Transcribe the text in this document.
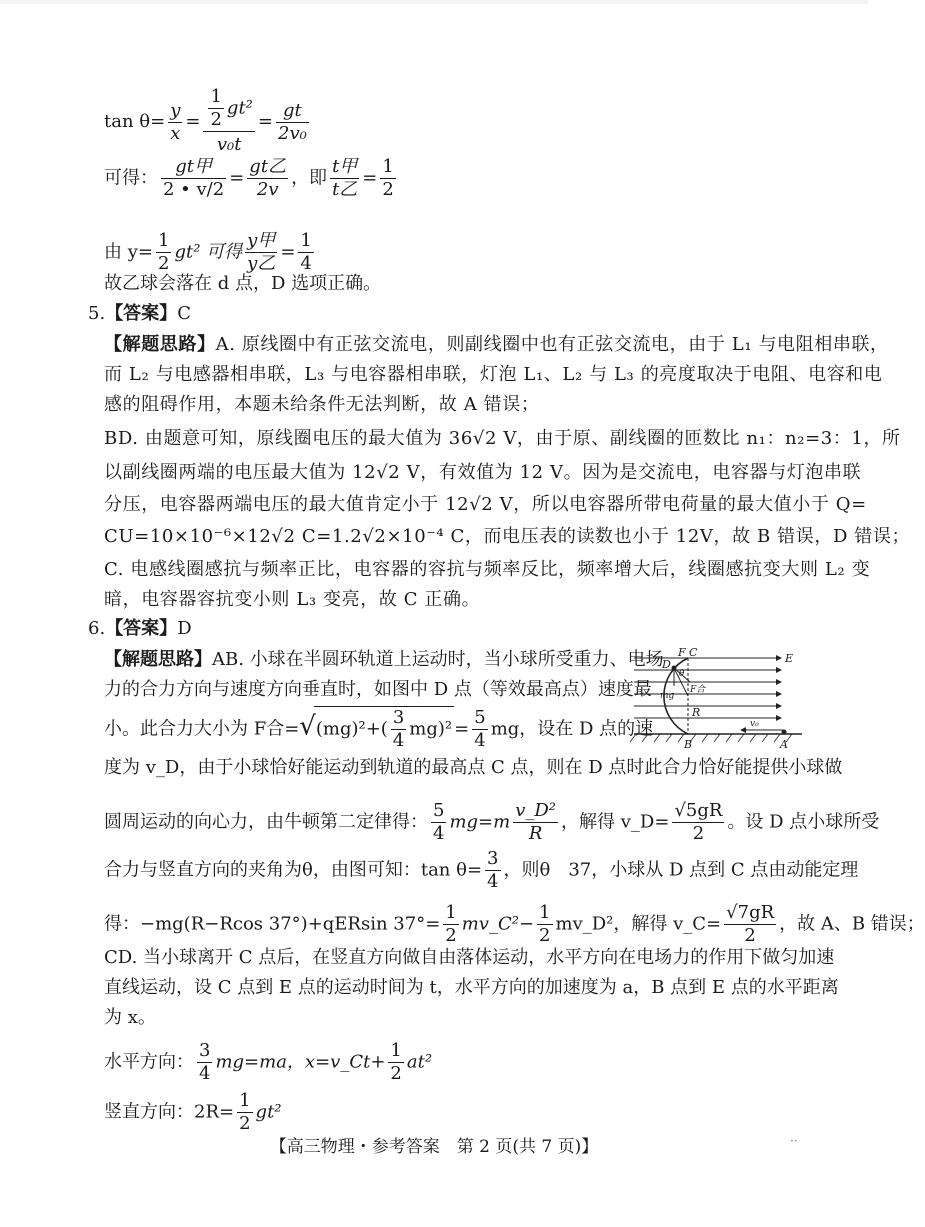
$\tan \theta= \frac{y}{x} = \frac{\frac{1}{2} gt^2}{\text{v₀t}} = \frac{gt}{\text{2v₀}}$
可得： $\frac{\text{gt甲}}{2 • v/2} = \frac{\text{gt乙}}{2v}$ ，即 $\frac{\text{t甲}}{\text{t乙}} = \frac{1}{2}$
由 $y= \frac{1}{2} gt^2$ 可得 $\frac{\text{y甲}}{\text{y乙}} = \frac{1}{4}$
故乙球会落在 d 点，D 选项正确。
5.【答案】C
【解题思路】A. 原线圈中有正弦交流电，则副线圈中也有正弦交流电，由于 L₁ 与电阻相串联，
而 L₂ 与电感器相串联，L₃ 与电容器相串联，灯泡 L₁、L₂ 与 L₃ 的亮度取决于电阻、电容和电
感的阻碍作用，本题未给条件无法判断，故 A 错误；
BD. 由题意可知，原线圈电压的最大值为 36√2 V，由于原、副线圈的匝数比 n₁：n₂=3：1，所
以副线圈两端的电压最大值为 12√2 V，有效值为 12 V。因为是交流电，电容器与灯泡串联
分压，电容器两端电压的最大值肯定小于 12√2 V，所以电容器所带电荷量的最大值小于 Q=
CU=10×10⁻⁶×12√2 C=1.2√2×10⁻⁴ C，而电压表的读数也小于 12V，故 B 错误，D 错误；
C. 电感线圈感抗与频率正比，电容器的容抗与频率反比，频率增大后，线圈感抗变大则 L₂ 变
暗，电容器容抗变小则 L₃ 变亮，故 C 正确。
6.【答案】D
【解题思路】AB. 小球在半圆环轨道上运动时，当小球所受重力、电场
力的合力方向与速度方向垂直时，如图中 D 点（等效最高点）速度最
小。此合力大小为 F合$=√(mg)^2+( \frac{3}{4} mg)^2 = \frac{5}{4}$ mg，设在 D 点的速
度为 v_D，由于小球恰好能运动到轨道的最高点 C 点，则在 D 点时此合力恰好能提供小球做
圆周运动的向心力，由牛顿第二定律得： $\frac{5}{4} mg=m \frac{\text{v\_D²}}{R}$ ，解得 v_D= $\frac{√5gR}{2}$ 。设 D 点小球所受
合力与竖直方向的夹角为θ，由图可知：$\tan \theta= \frac{3}{4}$ ，则θ　37，小球从 D 点到 C 点由动能定理
得：−mg(R−Rcos 37°)+qERsin $37^\circ= \frac{1}{2}$ mv_C²− $\frac{1}{2}$ mv_D²，解得 v_C= $\frac{√7gR}{2}$ ，故 A、B 错误；
CD. 当小球离开 C 点后，在竖直方向做自由落体运动，水平方向在电场力的作用下做匀加速
直线运动，设 C 点到 E 点的运动时间为 t，水平方向的加速度为 a，B 点到 E 点的水平距离
为 x。
水平方向： $\frac{3}{4} mg=ma$，x=v_Ct+ $\frac{1}{2} at^2$
竖直方向：$2R= \frac{1}{2} gt^2$
C	E
F
D
θ
mg
F合
R
v₀
B	A
【高三物理・参考答案　第 2 页(共 7 页)】	··
